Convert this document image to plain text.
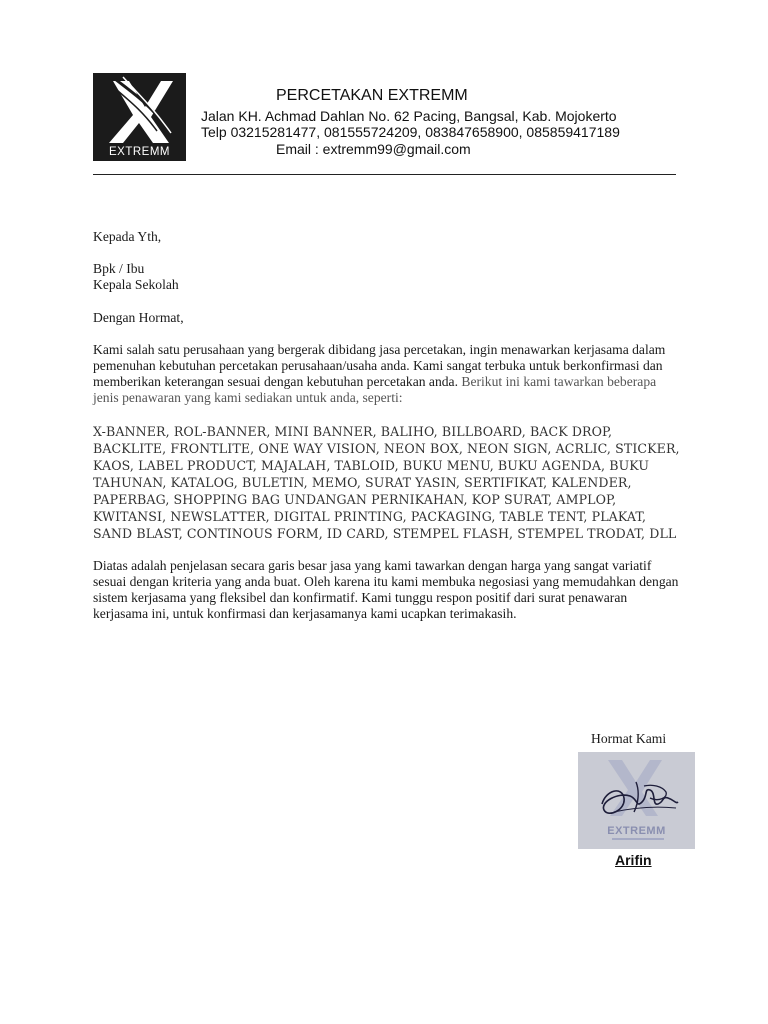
EXTREMM
PERCETAKAN EXTREMM
Jalan KH. Achmad Dahlan No. 62 Pacing, Bangsal, Kab. Mojokerto
Telp 03215281477, 081555724209, 083847658900, 085859417189
Email : extremm99@gmail.com

Kepada Yth,

Bpk / Ibu

Kepala Sekolah

Dengan Hormat,

Kami salah satu perusahaan yang bergerak dibidang jasa percetakan, ingin menawarkan kerjasama dalam pemenuhan kebutuhan percetakan perusahaan/usaha anda. Kami sangat terbuka untuk berkonfirmasi dan memberikan keterangan sesuai dengan kebutuhan percetakan anda. Berikut ini kami tawarkan beberapa jenis penawaran yang kami sediakan untuk anda, seperti:

X-BANNER, ROL-BANNER, MINI BANNER, BALIHO, BILLBOARD, BACK DROP, BACKLITE, FRONTLITE, ONE WAY VISION, NEON BOX, NEON SIGN, ACRLIC, STICKER, KAOS, LABEL PRODUCT, MAJALAH, TABLOID, BUKU MENU, BUKU AGENDA, BUKU TAHUNAN, KATALOG, BULETIN, MEMO, SURAT YASIN, SERTIFIKAT, KALENDER, PAPERBAG, SHOPPING BAG UNDANGAN PERNIKAHAN, KOP SURAT, AMPLOP, KWITANSI, NEWSLATTER, DIGITAL PRINTING, PACKAGING, TABLE TENT, PLAKAT, SAND BLAST, CONTINOUS FORM, ID CARD, STEMPEL FLASH, STEMPEL TRODAT, DLL

Diatas adalah penjelasan secara garis besar jasa yang kami tawarkan dengan harga yang sangat variatif sesuai dengan kriteria yang anda buat. Oleh karena itu kami membuka negosiasi yang memudahkan dengan sistem kerjasama yang fleksibel dan konfirmatif. Kami tunggu respon positif dari surat penawaran kerjasama ini, untuk konfirmasi dan kerjasamanya kami ucapkan terimakasih.

Hormat Kami
EXTREMM
Arifin
